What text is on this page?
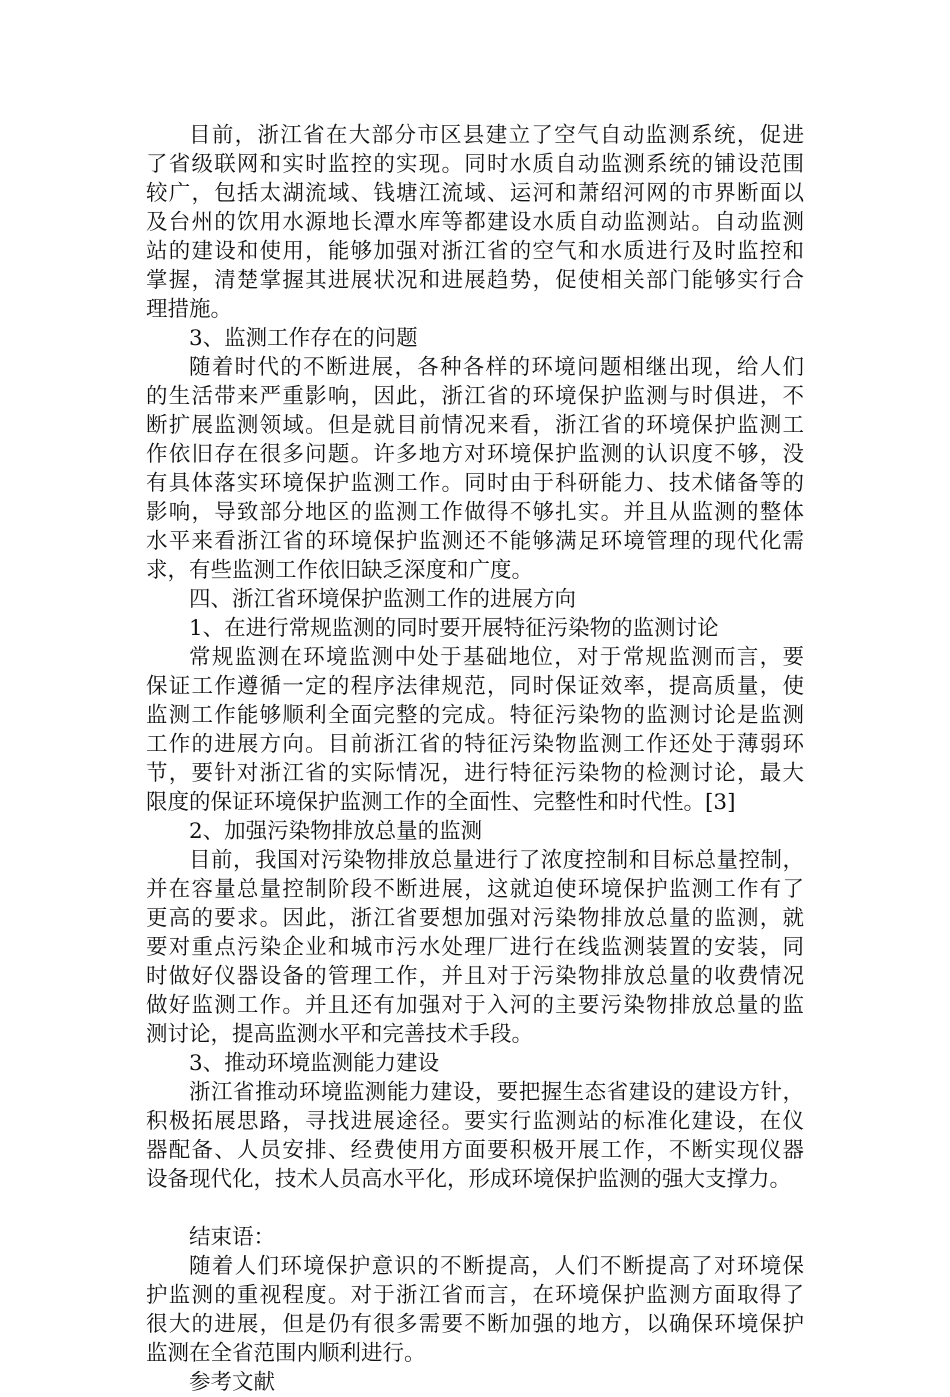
目前，浙江省在大部分市区县建立了空气自动监测系统，促进
了省级联网和实时监控的实现。同时水质自动监测系统的铺设范围
较广，包括太湖流域、钱塘江流域、运河和萧绍河网的市界断面以
及台州的饮用水源地长潭水库等都建设水质自动监测站。自动监测
站的建设和使用，能够加强对浙江省的空气和水质进行及时监控和
掌握，清楚掌握其进展状况和进展趋势，促使相关部门能够实行合
理措施。
3、监测工作存在的问题
随着时代的不断进展，各种各样的环境问题相继出现，给人们
的生活带来严重影响，因此，浙江省的环境保护监测与时俱进，不
断扩展监测领域。但是就目前情况来看，浙江省的环境保护监测工
作依旧存在很多问题。许多地方对环境保护监测的认识度不够，没
有具体落实环境保护监测工作。同时由于科研能力、技术储备等的
影响，导致部分地区的监测工作做得不够扎实。并且从监测的整体
水平来看浙江省的环境保护监测还不能够满足环境管理的现代化需
求，有些监测工作依旧缺乏深度和广度。
四、浙江省环境保护监测工作的进展方向
1、在进行常规监测的同时要开展特征污染物的监测讨论
常规监测在环境监测中处于基础地位，对于常规监测而言，要
保证工作遵循一定的程序法律规范，同时保证效率，提高质量，使
监测工作能够顺利全面完整的完成。特征污染物的监测讨论是监测
工作的进展方向。目前浙江省的特征污染物监测工作还处于薄弱环
节，要针对浙江省的实际情况，进行特征污染物的检测讨论，最大
限度的保证环境保护监测工作的全面性、完整性和时代性。[3]
2、加强污染物排放总量的监测
目前，我国对污染物排放总量进行了浓度控制和目标总量控制，
并在容量总量控制阶段不断进展，这就迫使环境保护监测工作有了
更高的要求。因此，浙江省要想加强对污染物排放总量的监测，就
要对重点污染企业和城市污水处理厂进行在线监测装置的安装，同
时做好仪器设备的管理工作，并且对于污染物排放总量的收费情况
做好监测工作。并且还有加强对于入河的主要污染物排放总量的监
测讨论，提高监测水平和完善技术手段。
3、推动环境监测能力建设
浙江省推动环境监测能力建设，要把握生态省建设的建设方针，
积极拓展思路，寻找进展途径。要实行监测站的标准化建设，在仪
器配备、人员安排、经费使用方面要积极开展工作，不断实现仪器
设备现代化，技术人员高水平化，形成环境保护监测的强大支撑力。
结束语：
随着人们环境保护意识的不断提高，人们不断提高了对环境保
护监测的重视程度。对于浙江省而言，在环境保护监测方面取得了
很大的进展，但是仍有很多需要不断加强的地方，以确保环境保护
监测在全省范围内顺利进行。
参考文献
